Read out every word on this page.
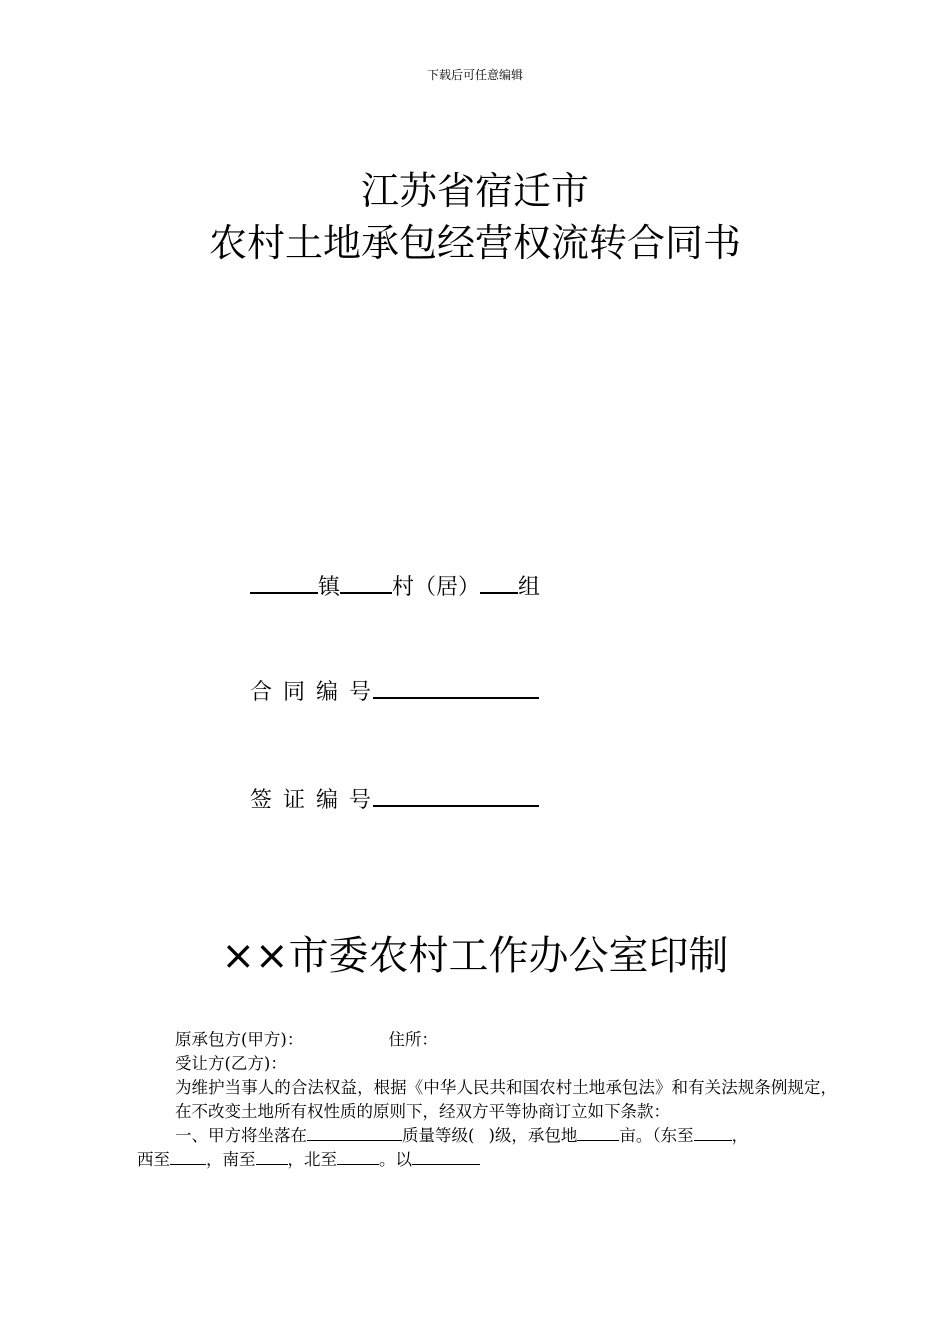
下载后可任意编辑
江苏省宿迁市
农村土地承包经营权流转合同书
镇 村（居） 组
合 同 编 号
签 证 编 号
××市委农村工作办公室印制
原承包方(甲方)：	住所：
受让方(乙方)：
为维护当事人的合法权益，根据《中华人民共和国农村土地承包法》和有关法规条例规定，在不改变土地所有权性质的原则下，经双方平等协商订立如下条款：
一、甲方将坐落在	质量等级( )级，承包地	亩。（东至 ，
西至 ，南至 ，北至	。以
